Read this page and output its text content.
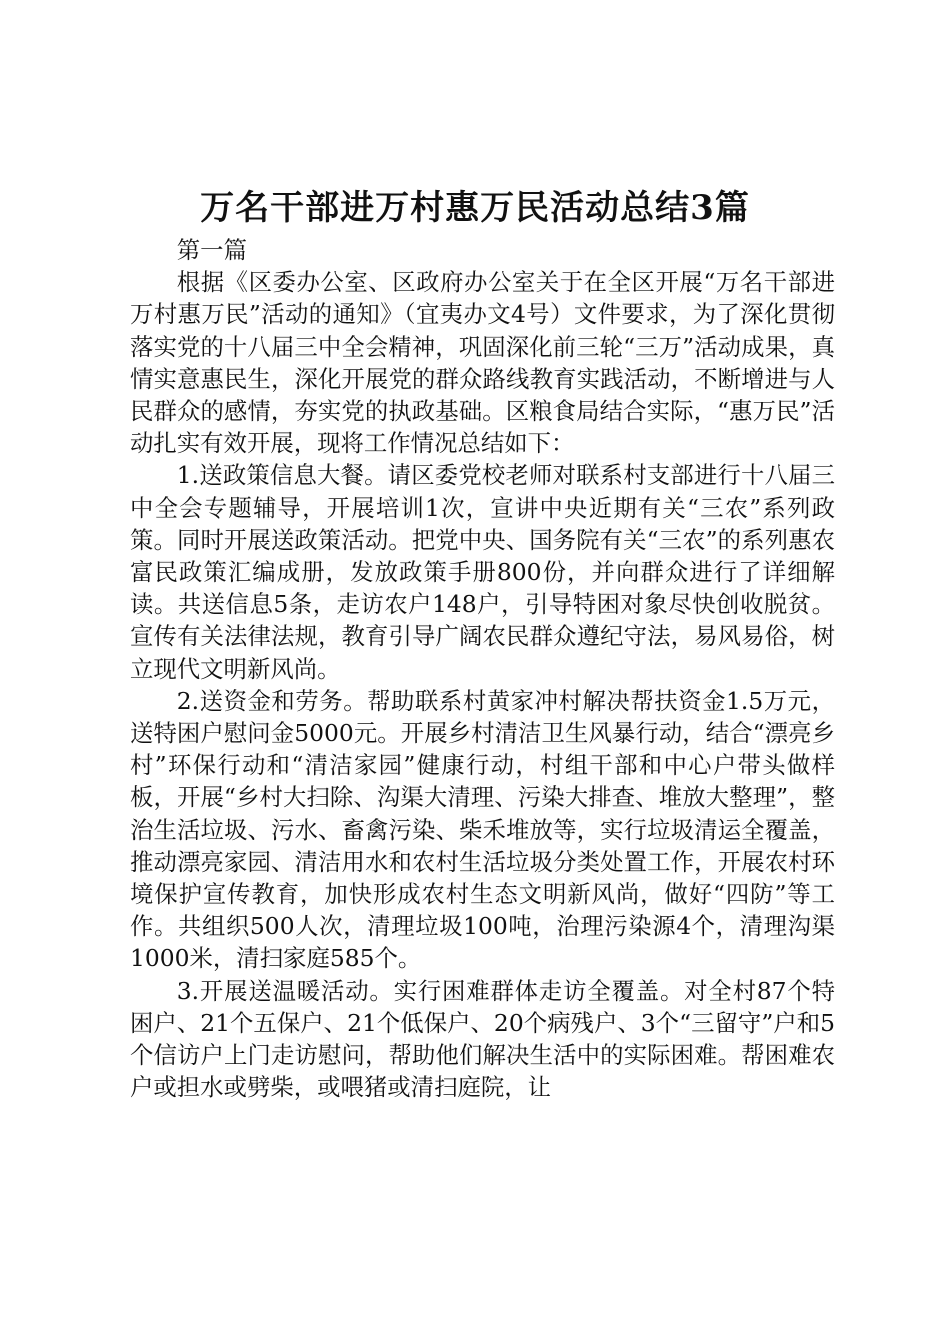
万名干部进万村惠万民活动总结3篇

第一篇

根据《区委办公室、区政府办公室关于在全区开展“万名干部进万村惠万民”活动的通知》（宜夷办文4号）文件要求，为了深化贯彻落实党的十八届三中全会精神，巩固深化前三轮“三万”活动成果，真情实意惠民生，深化开展党的群众路线教育实践活动，不断增进与人民群众的感情，夯实党的执政基础。区粮食局结合实际，“惠万民”活动扎实有效开展，现将工作情况总结如下：

1.送政策信息大餐。请区委党校老师对联系村支部进行十八届三中全会专题辅导，开展培训1次，宣讲中央近期有关“三农”系列政策。同时开展送政策活动。把党中央、国务院有关“三农”的系列惠农富民政策汇编成册，发放政策手册800份，并向群众进行了详细解读。共送信息5条，走访农户148户，引导特困对象尽快创收脱贫。宣传有关法律法规，教育引导广阔农民群众遵纪守法，易风易俗，树立现代文明新风尚。

2.送资金和劳务。帮助联系村黄家冲村解决帮扶资金1.5万元，送特困户慰问金5000元。开展乡村清洁卫生风暴行动，结合“漂亮乡村”环保行动和“清洁家园”健康行动，村组干部和中心户带头做样板，开展“乡村大扫除、沟渠大清理、污染大排查、堆放大整理”，整治生活垃圾、污水、畜禽污染、柴禾堆放等，实行垃圾清运全覆盖，推动漂亮家园、清洁用水和农村生活垃圾分类处置工作，开展农村环境保护宣传教育，加快形成农村生态文明新风尚，做好“四防”等工作。共组织500人次，清理垃圾100吨，治理污染源4个，清理沟渠1000米，清扫家庭585个。

3.开展送温暖活动。实行困难群体走访全覆盖。对全村87个特困户、21个五保户、21个低保户、20个病残户、3个“三留守”户和5个信访户上门走访慰问，帮助他们解决生活中的实际困难。帮困难农户或担水或劈柴，或喂猪或清扫庭院，让
